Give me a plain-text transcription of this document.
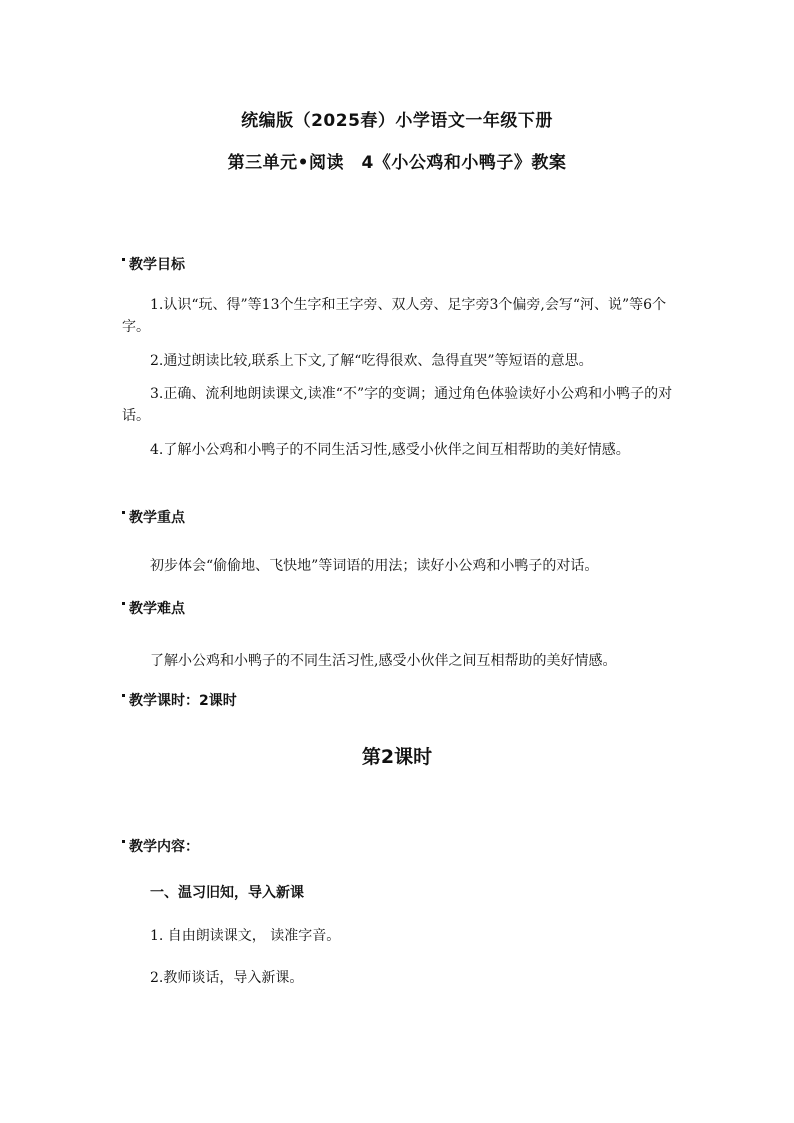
统编版（2025春）小学语文一年级下册
第三单元•阅读　4《小公鸡和小鸭子》教案
教学目标
1.认识“玩、得”等13个生字和王字旁、双人旁、足字旁3个偏旁,会写“河、说”等6个字。
2.通过朗读比较,联系上下文,了解“吃得很欢、急得直哭”等短语的意思。
3.正确、流利地朗读课文,读准“不”字的变调；通过角色体验读好小公鸡和小鸭子的对话。
4.了解小公鸡和小鸭子的不同生活习性,感受小伙伴之间互相帮助的美好情感。
教学重点
初步体会“偷偷地、飞快地”等词语的用法；读好小公鸡和小鸭子的对话。
教学难点
了解小公鸡和小鸭子的不同生活习性,感受小伙伴之间互相帮助的美好情感。
教学课时：2课时
第2课时
教学内容：
一、温习旧知，导入新课
1. 自由朗读课文， 读准字音。
2.教师谈话，导入新课。
